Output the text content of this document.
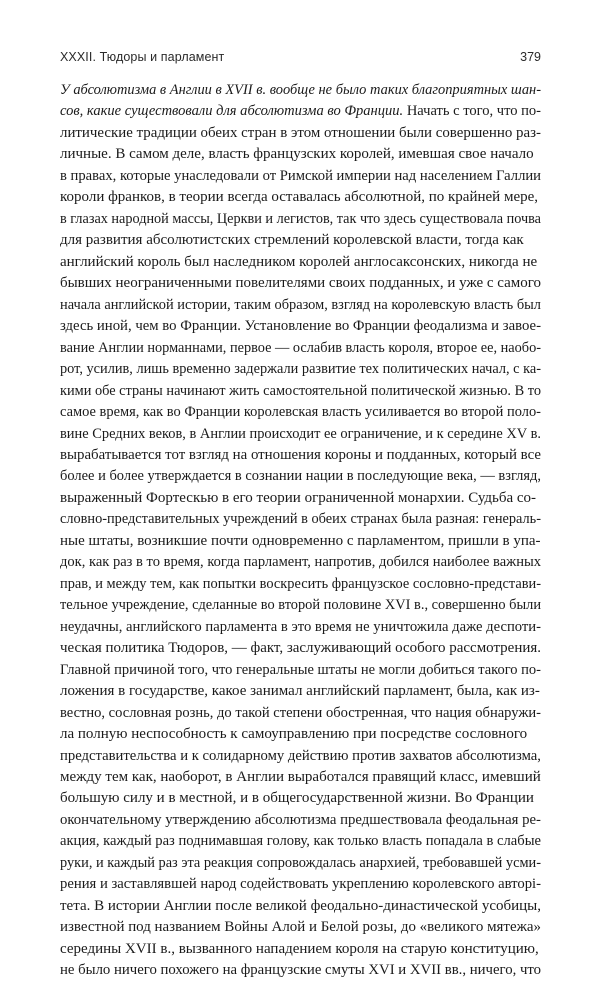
XXXII. Тюдоры и парламент	379
У абсолютизма в Англии в XVII в. вообще не было таких благоприятных шан-
сов, какие существовали для абсолютизма во Франции. Начать с того, что по-
литические традиции обеих стран в этом отношении были совершенно раз-
личные. В самом деле, власть французских королей, имевшая свое начало
в правах, которые унаследовали от Римской империи над населением Галлии
короли франков, в теории всегда оставалась абсолютной, по крайней мере,
в глазах народной массы, Церкви и легистов, так что здесь существовала почва
для развития абсолютистских стремлений королевской власти, тогда как
английский король был наследником королей англосаксонских, никогда не
бывших неограниченными повелителями своих подданных, и уже с самого
начала английской истории, таким образом, взгляд на королевскую власть был
здесь иной, чем во Франции. Установление во Франции феодализма и завое-
вание Англии норманнами, первое — ослабив власть короля, второе ее, наобо-
рот, усилив, лишь временно задержали развитие тех политических начал, с ка-
кими обе страны начинают жить самостоятельной политической жизнью. В то
самое время, как во Франции королевская власть усиливается во второй поло-
вине Средних веков, в Англии происходит ее ограничение, и к середине XV в.
вырабатывается тот взгляд на отношения короны и подданных, который все
более и более утверждается в сознании нации в последующие века, — взгляд,
выраженный Фортескью в его теории ограниченной монархии. Судьба со-
словно-представительных учреждений в обеих странах была разная: генераль-
ные штаты, возникшие почти одновременно с парламентом, пришли в упа-
док, как раз в то время, когда парламент, напротив, добился наиболее важных
прав, и между тем, как попытки воскресить французское сословно-представи-
тельное учреждение, сделанные во второй половине XVI в., совершенно были
неудачны, английского парламента в это время не уничтожила даже деспоти-
ческая политика Тюдоров, — факт, заслуживающий особого рассмотрения.
Главной причиной того, что генеральные штаты не могли добиться такого по-
ложения в государстве, какое занимал английский парламент, была, как из-
вестно, сословная рознь, до такой степени обостренная, что нация обнаружи-
ла полную неспособность к самоуправлению при посредстве сословного
представительства и к солидарному действию против захватов абсолютизма,
между тем как, наоборот, в Англии выработался правящий класс, имевший
большую силу и в местной, и в общегосударственной жизни. Во Франции
окончательному утверждению абсолютизма предшествовала феодальная ре-
акция, каждый раз поднимавшая голову, как только власть попадала в слабые
руки, и каждый раз эта реакция сопровождалась анархией, требовавшей усми-
рения и заставлявшей народ содействовать укреплению королевского авторі-
тета. В истории Англии после великой феодально-династической усобицы,
известной под названием Войны Алой и Белой розы, до «великого мятежа»
середины XVII в., вызванного нападением короля на старую конституцию,
не было ничего похожего на французские смуты XVI и XVII вв., ничего, что
